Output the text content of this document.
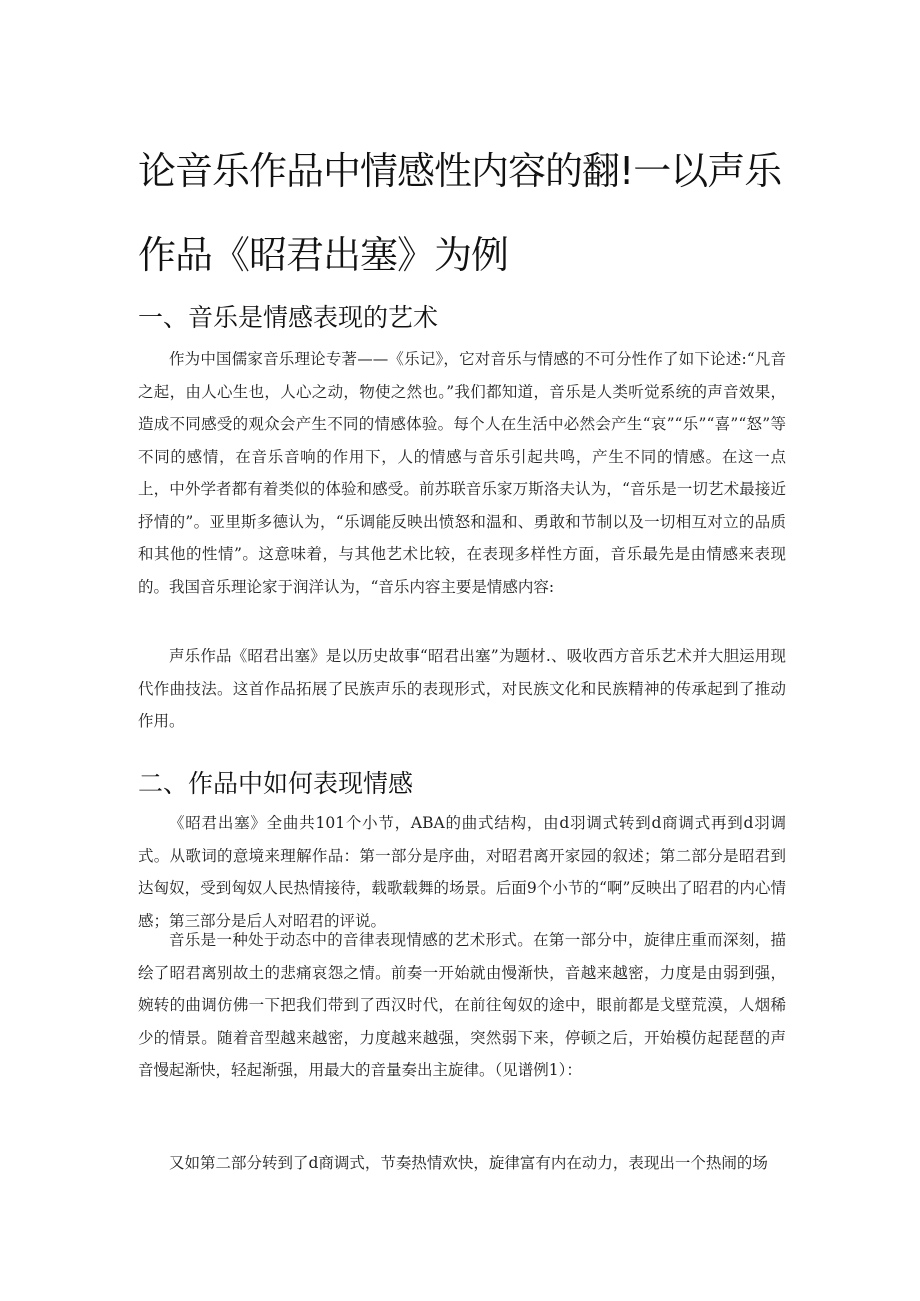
论音乐作品中情感性内容的翻!一以声乐
作品《昭君出塞》为例
一、音乐是情感表现的艺术

作为中国儒家音乐理论专著——《乐记》，它对音乐与情感的不可分性作了如下论述:“凡音之起，由人心生也，人心之动，物使之然也。”我们都知道，音乐是人类听觉系统的声音效果，造成不同感受的观众会产生不同的情感体验。每个人在生活中必然会产生“哀”“乐”“喜”“怒”等不同的感情，在音乐音响的作用下，人的情感与音乐引起共鸣，产生不同的情感。在这一点上，中外学者都有着类似的体验和感受。前苏联音乐家万斯洛夫认为，“音乐是一切艺术最接近抒情的”。亚里斯多德认为，“乐调能反映出愤怒和温和、勇敢和节制以及一切相互对立的品质和其他的性情”。这意味着，与其他艺术比较，在表现多样性方面，音乐最先是由情感来表现的。我国音乐理论家于润洋认为，“音乐内容主要是情感内容:

声乐作品《昭君出塞》是以历史故事“昭君出塞”为题材.、吸收西方音乐艺术并大胆运用现代作曲技法。这首作品拓展了民族声乐的表现形式，对民族文化和民族精神的传承起到了推动作用。

二、作品中如何表现情感

《昭君出塞》全曲共101个小节，ABA的曲式结构，由d羽调式转到d商调式再到d羽调式。从歌词的意境来理解作品：第一部分是序曲，对昭君离开家园的叙述；第二部分是昭君到达匈奴，受到匈奴人民热情接待，载歌载舞的场景。后面9个小节的“啊”反映出了昭君的内心情感；第三部分是后人对昭君的评说。

音乐是一种处于动态中的音律表现情感的艺术形式。在第一部分中，旋律庄重而深刻，描绘了昭君离别故土的悲痛哀怨之情。前奏一开始就由慢渐快，音越来越密，力度是由弱到强，婉转的曲调仿佛一下把我们带到了西汉时代，在前往匈奴的途中，眼前都是戈壁荒漠，人烟稀少的情景。随着音型越来越密，力度越来越强，突然弱下来，停顿之后，开始模仿起琵琶的声音慢起渐快，轻起渐强，用最大的音量奏出主旋律。（见谱例1）：

又如第二部分转到了d商调式，节奏热情欢快，旋律富有内在动力，表现出一个热闹的场
